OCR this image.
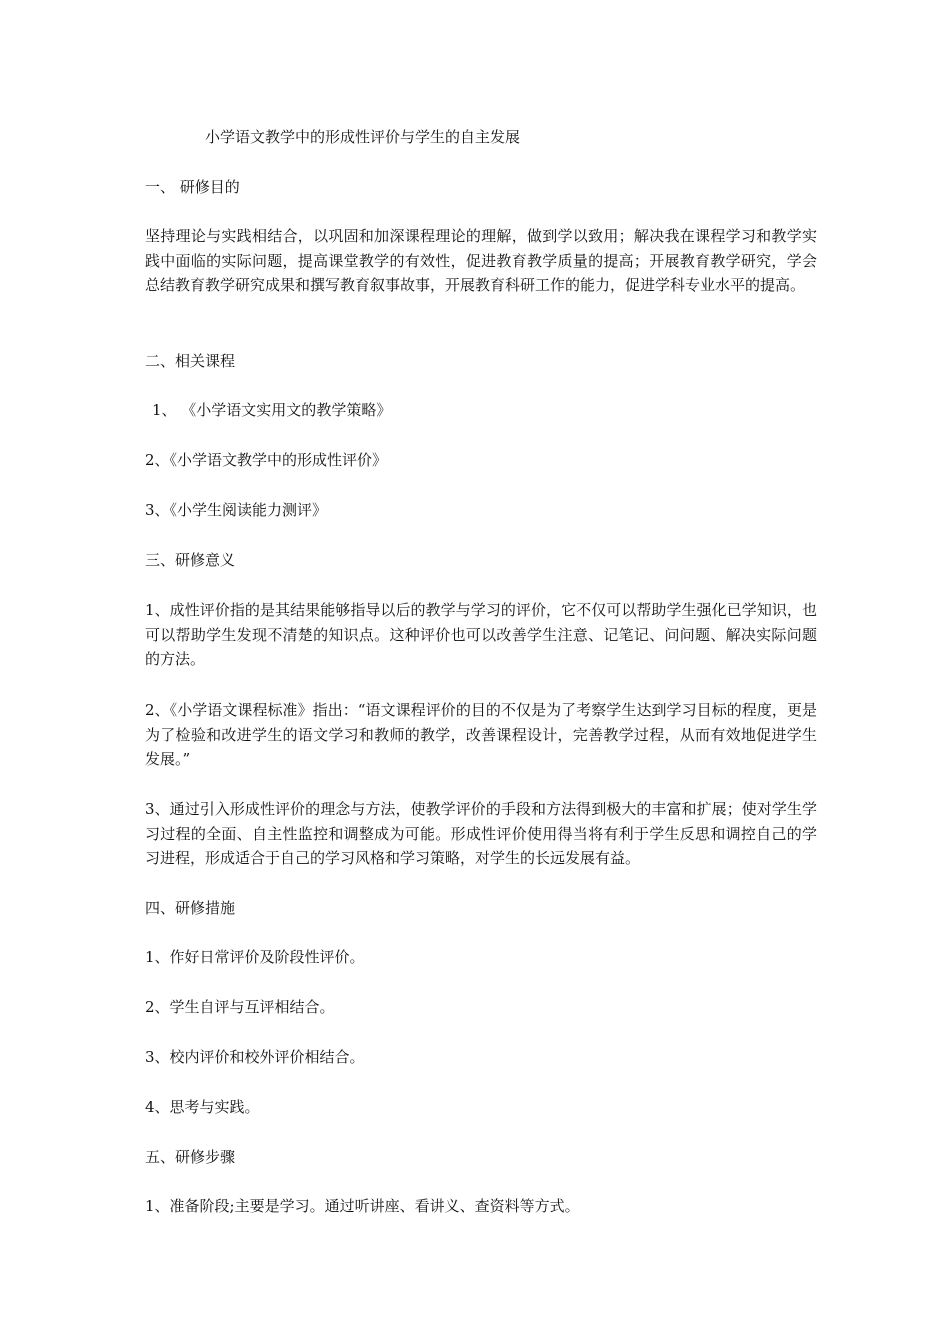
小学语文教学中的形成性评价与学生的自主发展
一、 研修目的
坚持理论与实践相结合，以巩固和加深课程理论的理解，做到学以致用；解决我在课程学习和教学实践中面临的实际问题，提高课堂教学的有效性，促进教育教学质量的提高；开展教育教学研究，学会总结教育教学研究成果和撰写教育叙事故事，开展教育科研工作的能力，促进学科专业水平的提高。
二、相关课程
1、 《小学语文实用文的教学策略》
2、《小学语文教学中的形成性评价》
3、《小学生阅读能力测评》
三、研修意义
1、成性评价指的是其结果能够指导以后的教学与学习的评价，它不仅可以帮助学生强化已学知识，也可以帮助学生发现不清楚的知识点。这种评价也可以改善学生注意、记笔记、问问题、解决实际问题的方法。
2、《小学语文课程标准》指出：“语文课程评价的目的不仅是为了考察学生达到学习目标的程度，更是为了检验和改进学生的语文学习和教师的教学，改善课程设计，完善教学过程，从而有效地促进学生发展。”
3、通过引入形成性评价的理念与方法，使教学评价的手段和方法得到极大的丰富和扩展；使对学生学习过程的全面、自主性监控和调整成为可能。形成性评价使用得当将有利于学生反思和调控自己的学习进程，形成适合于自己的学习风格和学习策略，对学生的长远发展有益。
四、研修措施
1、作好日常评价及阶段性评价。
2、学生自评与互评相结合。
3、校内评价和校外评价相结合。
4、思考与实践。
五、研修步骤
1、准备阶段;主要是学习。通过听讲座、看讲义、查资料等方式。
